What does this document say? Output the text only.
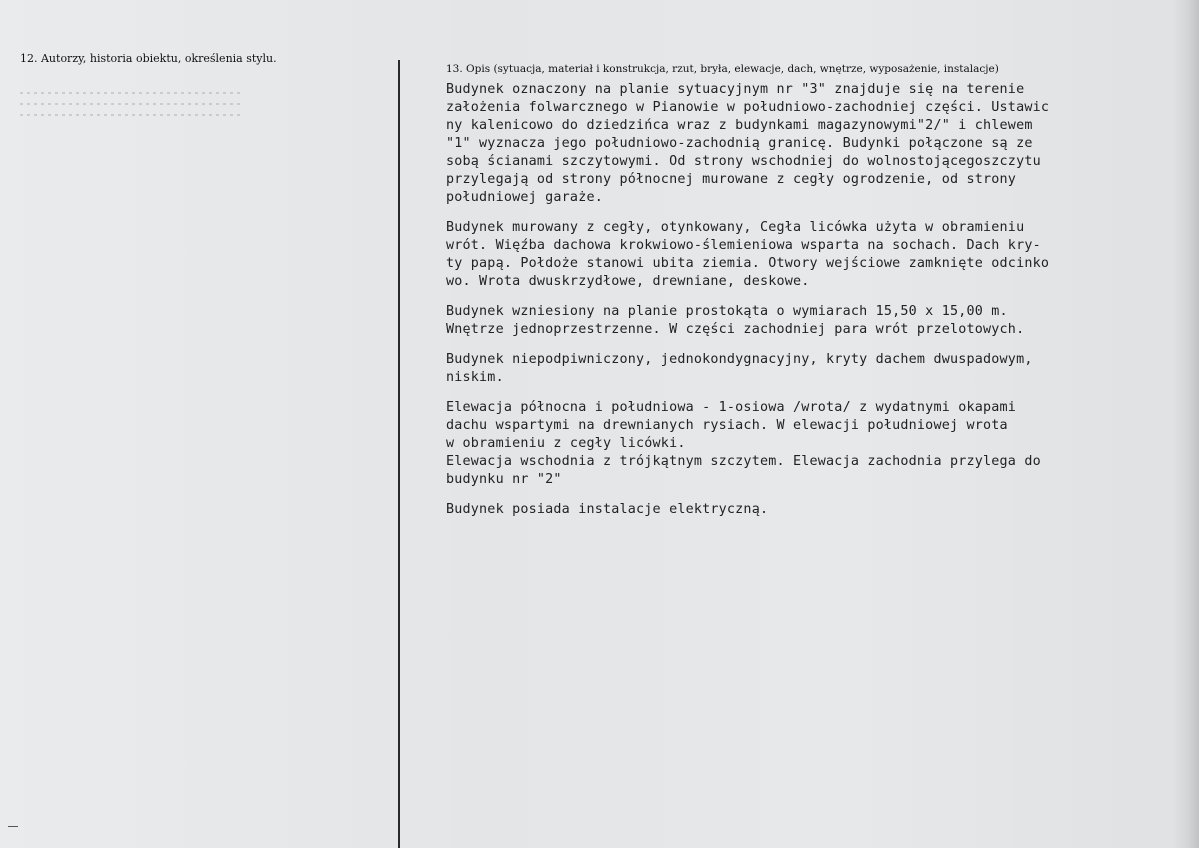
12. Autorzy, historia obiektu, określenia stylu.
13. Opis (sytuacja, materiał i konstrukcja, rzut, bryła, elewacje, dach, wnętrze, wyposażenie, instalacje)
Budynek oznaczony na planie sytuacyjnym nr "3" znajduje się na terenie
założenia folwarcznego w Pianowie w południowo-zachodniej części. Ustawic
ny kalenicowo do dziedzińca wraz z budynkami magazynowymi"2/" i chlewem
"1" wyznacza jego południowo-zachodnią granicę. Budynki połączone są ze
sobą ścianami szczytowymi. Od strony wschodniej do wolnostojącegoszczytu
przylegają od strony północnej murowane z cegły ogrodzenie, od strony
południowej garaże.
Budynek murowany z cegły, otynkowany, Cegła licówka użyta w obramieniu
wrót. Więźba dachowa krokwiowo-ślemieniowa wsparta na sochach. Dach kry-
ty papą. Połdoże stanowi ubita ziemia. Otwory wejściowe zamknięte odcinko
wo. Wrota dwuskrzydłowe, drewniane, deskowe.
Budynek wzniesiony na planie prostokąta o wymiarach 15,50 x 15,00 m.
Wnętrze jednoprzestrzenne. W części zachodniej para wrót przelotowych.
Budynek niepodpiwniczony, jednokondygnacyjny, kryty dachem dwuspadowym,
niskim.
Elewacja północna i południowa - 1-osiowa /wrota/ z wydatnymi okapami
dachu wspartymi na drewnianych rysiach. W elewacji południowej wrota
w obramieniu z cegły licówki.
Elewacja wschodnia z trójkątnym szczytem. Elewacja zachodnia przylega do
budynku nr "2"
Budynek posiada instalacje elektryczną.
